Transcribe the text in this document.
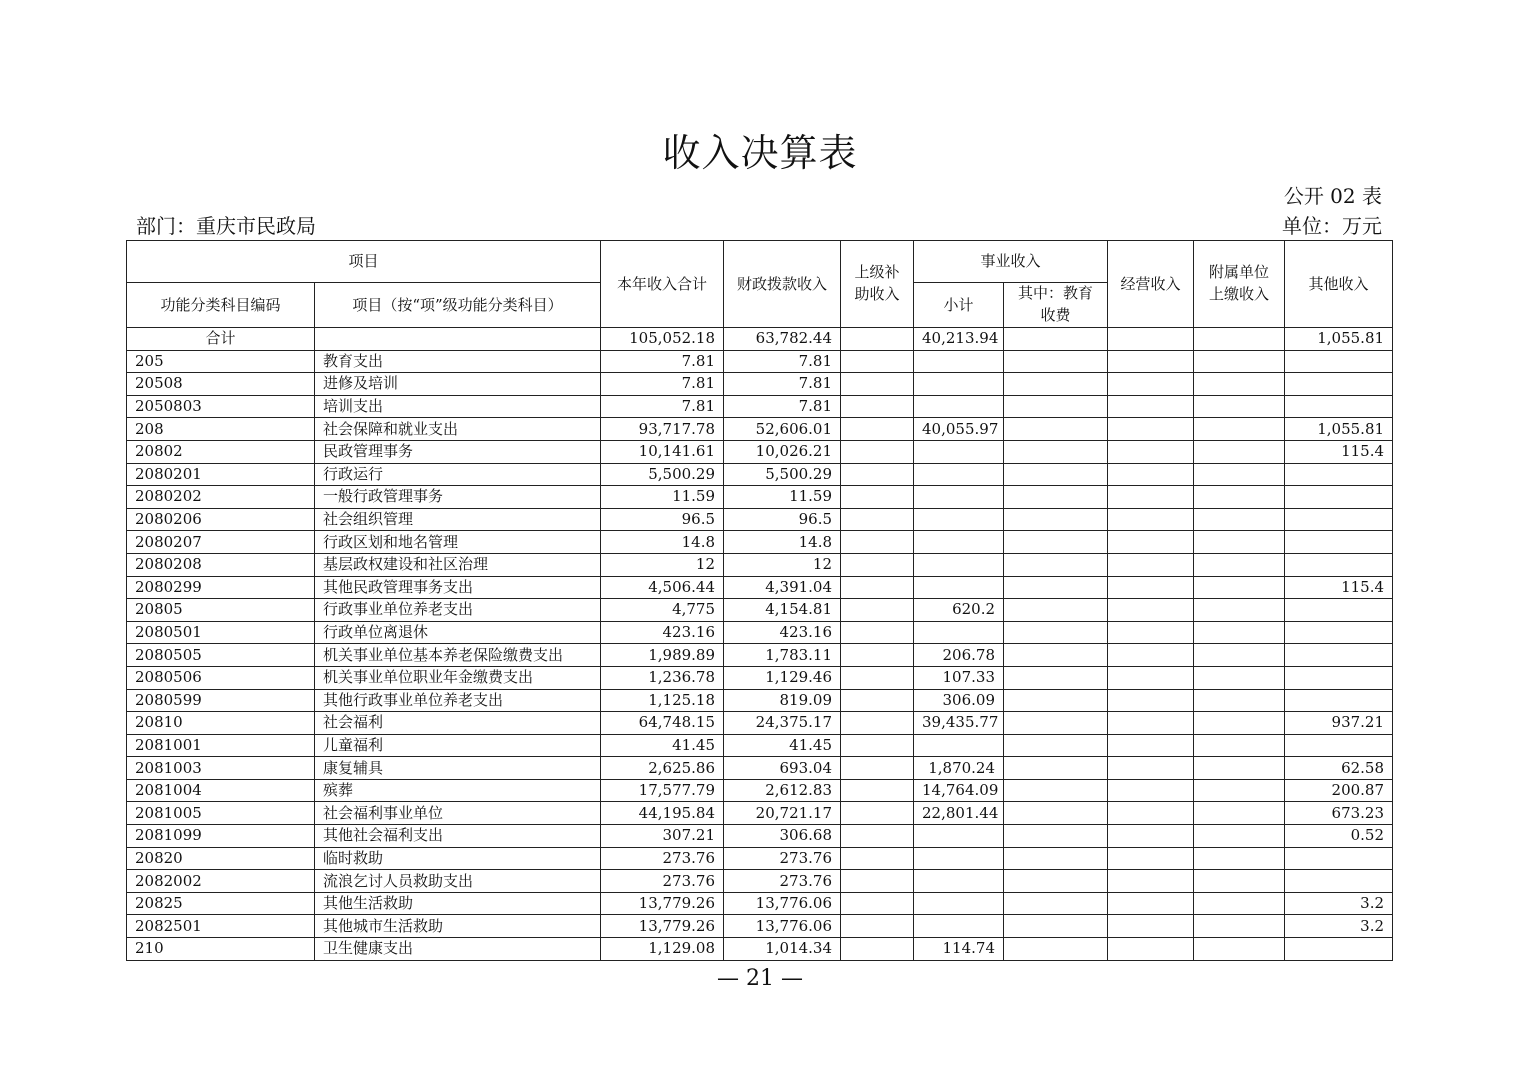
收入决算表
公开 02 表
部门：重庆市民政局	单位：万元
项目		本年收入合计	财政拨款收入	上级补助收入	事业收入		经营收入	附属单位上缴收入	其他收入
功能分类科目编码	项目（按“项”级功能分类科目）				小计	其中：教育收费			
合计		105,052.18	63,782.44		40,213.94				1,055.81
205	教育支出	7.81	7.81						
20508	进修及培训	7.81	7.81						
2050803	培训支出	7.81	7.81						
208	社会保障和就业支出	93,717.78	52,606.01		40,055.97				1,055.81
20802	民政管理事务	10,141.61	10,026.21						115.4
2080201	行政运行	5,500.29	5,500.29						
2080202	一般行政管理事务	11.59	11.59						
2080206	社会组织管理	96.5	96.5						
2080207	行政区划和地名管理	14.8	14.8						
2080208	基层政权建设和社区治理	12	12						
2080299	其他民政管理事务支出	4,506.44	4,391.04						115.4
20805	行政事业单位养老支出	4,775	4,154.81		620.2				
2080501	行政单位离退休	423.16	423.16						
2080505	机关事业单位基本养老保险缴费支出	1,989.89	1,783.11		206.78				
2080506	机关事业单位职业年金缴费支出	1,236.78	1,129.46		107.33				
2080599	其他行政事业单位养老支出	1,125.18	819.09		306.09				
20810	社会福利	64,748.15	24,375.17		39,435.77				937.21
2081001	儿童福利	41.45	41.45						
2081003	康复辅具	2,625.86	693.04		1,870.24				62.58
2081004	殡葬	17,577.79	2,612.83		14,764.09				200.87
2081005	社会福利事业单位	44,195.84	20,721.17		22,801.44				673.23
2081099	其他社会福利支出	307.21	306.68						0.52
20820	临时救助	273.76	273.76						
2082002	流浪乞讨人员救助支出	273.76	273.76						
20825	其他生活救助	13,779.26	13,776.06						3.2
2082501	其他城市生活救助	13,779.26	13,776.06						3.2
210	卫生健康支出	1,129.08	1,014.34		114.74				
— 21 —
